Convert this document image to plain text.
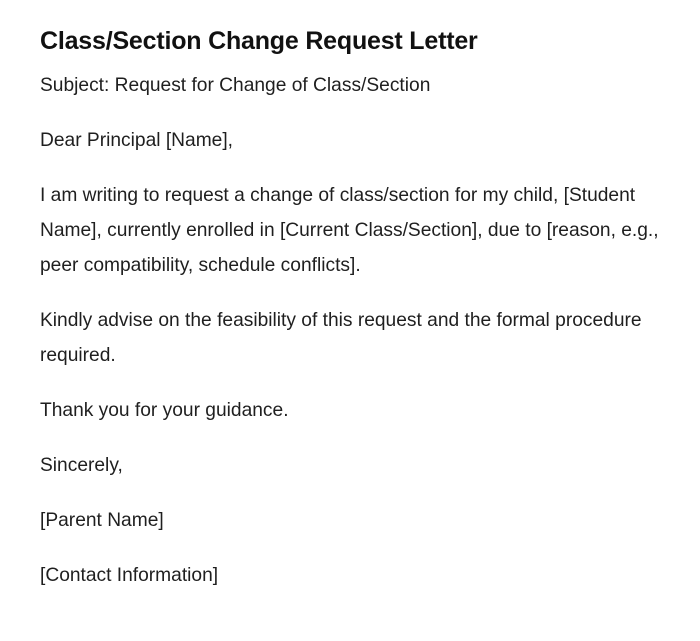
Class/Section Change Request Letter

Subject: Request for Change of Class/Section

Dear Principal [Name],

I am writing to request a change of class/section for my child, [Student Name], currently enrolled in [Current Class/Section], due to [reason, e.g., peer compatibility, schedule conflicts].

Kindly advise on the feasibility of this request and the formal procedure required.

Thank you for your guidance.

Sincerely,

[Parent Name]

[Contact Information]
